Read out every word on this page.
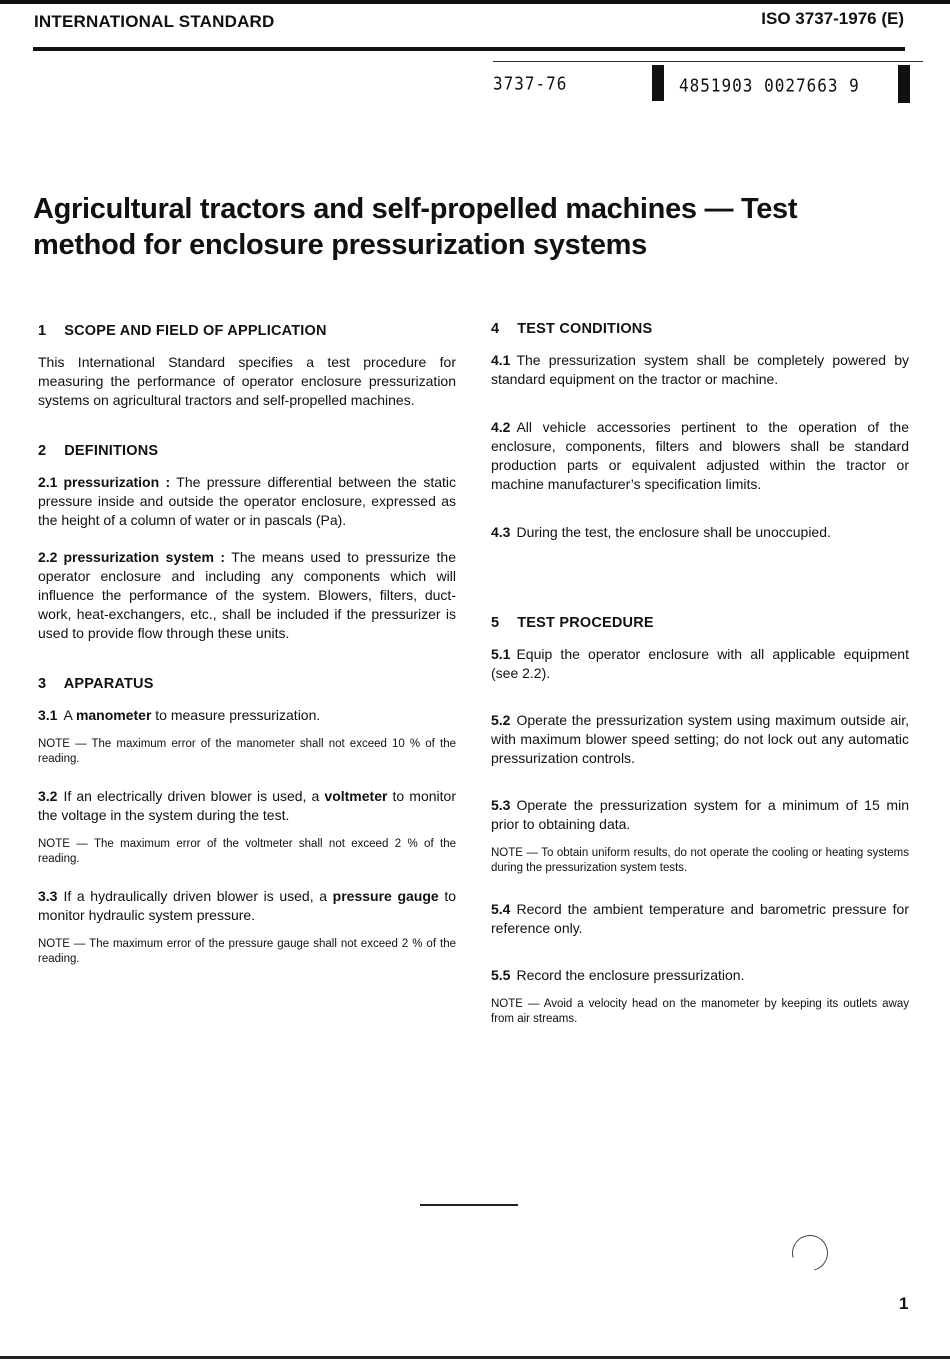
INTERNATIONAL STANDARD	ISO 3737-1976 (E)
3737-76	4851903 0027663 9
Agricultural tractors and self-propelled machines — Test method for enclosure pressurization systems
1 SCOPE AND FIELD OF APPLICATION

This International Standard specifies a test procedure for measuring the performance of operator enclosure pressurization systems on agricultural tractors and self-propelled machines.

2 DEFINITIONS

2.1 pressurization : The pressure differential between the static pressure inside and outside the operator enclosure, expressed as the height of a column of water or in pascals (Pa).

2.2 pressurization system : The means used to pressurize the operator enclosure and including any components which will influence the performance of the system. Blowers, filters, duct-work, heat-exchangers, etc., shall be included if the pressurizer is used to provide flow through these units.

3 APPARATUS

3.1 A manometer to measure pressurization.

NOTE — The maximum error of the manometer shall not exceed 10 % of the reading.

3.2 If an electrically driven blower is used, a voltmeter to monitor the voltage in the system during the test.

NOTE — The maximum error of the voltmeter shall not exceed 2 % of the reading.

3.3 If a hydraulically driven blower is used, a pressure gauge to monitor hydraulic system pressure.

NOTE — The maximum error of the pressure gauge shall not exceed 2 % of the reading.

4 TEST CONDITIONS

4.1 The pressurization system shall be completely powered by standard equipment on the tractor or machine.

4.2 All vehicle accessories pertinent to the operation of the enclosure, components, filters and blowers shall be standard production parts or equivalent adjusted within the tractor or machine manufacturer’s specification limits.

4.3 During the test, the enclosure shall be unoccupied.

5 TEST PROCEDURE

5.1 Equip the operator enclosure with all applicable equipment (see 2.2).

5.2 Operate the pressurization system using maximum outside air, with maximum blower speed setting; do not lock out any automatic pressurization controls.

5.3 Operate the pressurization system for a minimum of 15 min prior to obtaining data.

NOTE — To obtain uniform results, do not operate the cooling or heating systems during the pressurization system tests.

5.4 Record the ambient temperature and barometric pressure for reference only.

5.5 Record the enclosure pressurization.

NOTE — Avoid a velocity head on the manometer by keeping its outlets away from air streams.

1
